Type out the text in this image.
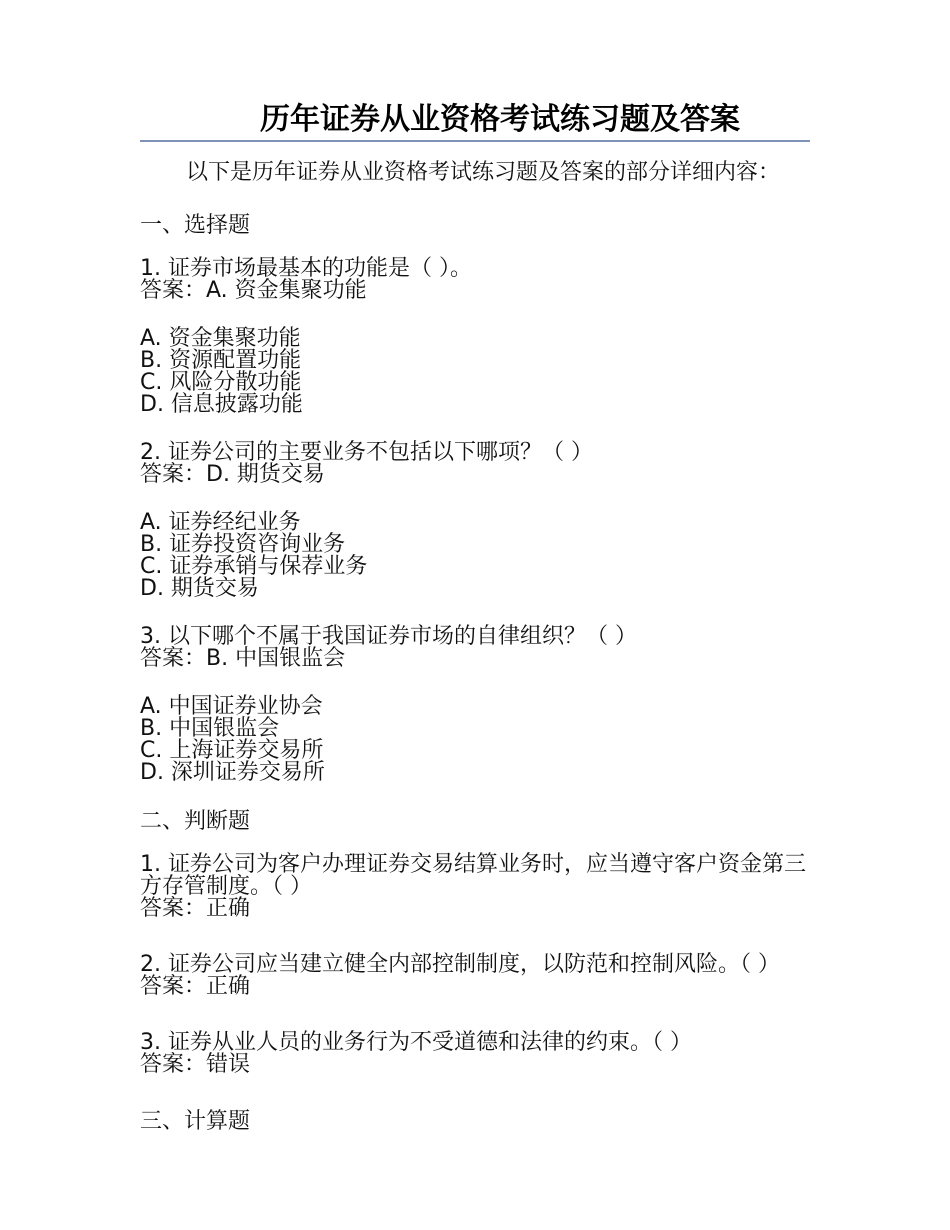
历年证券从业资格考试练习题及答案
以下是历年证券从业资格考试练习题及答案的部分详细内容：
一、选择题
1. 证券市场最基本的功能是（ ）。
答案：A. 资金集聚功能
A. 资金集聚功能
B. 资源配置功能
C. 风险分散功能
D. 信息披露功能
2. 证券公司的主要业务不包括以下哪项？（ ）
答案：D. 期货交易
A. 证券经纪业务
B. 证券投资咨询业务
C. 证券承销与保荐业务
D. 期货交易
3. 以下哪个不属于我国证券市场的自律组织？（ ）
答案：B. 中国银监会
A. 中国证券业协会
B. 中国银监会
C. 上海证券交易所
D. 深圳证券交易所
二、判断题
1. 证券公司为客户办理证券交易结算业务时，应当遵守客户资金第三方存管制度。（ ）
答案：正确
2. 证券公司应当建立健全内部控制制度，以防范和控制风险。（ ）
答案：正确
3. 证券从业人员的业务行为不受道德和法律的约束。（ ）
答案：错误
三、计算题
